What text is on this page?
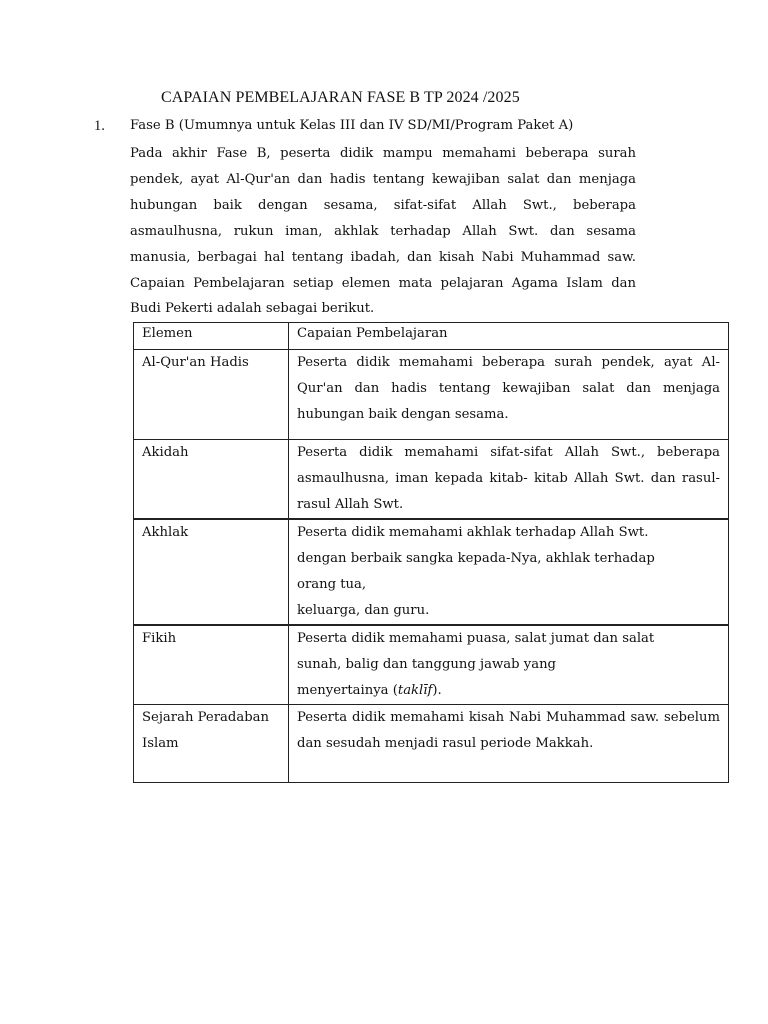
CAPAIAN PEMBELAJARAN FASE B TP 2024 /2025
1. Fase B (Umumnya untuk Kelas III dan IV SD/MI/Program Paket A)
Pada akhir Fase B, peserta didik mampu memahami beberapa surah pendek, ayat Al-Qur'an dan hadis tentang kewajiban salat dan menjaga hubungan baik dengan sesama, sifat-sifat Allah Swt., beberapa asmaulhusna, rukun iman, akhlak terhadap Allah Swt. dan sesama manusia, berbagai hal tentang ibadah, dan kisah Nabi Muhammad saw. Capaian Pembelajaran setiap elemen mata pelajaran Agama Islam dan Budi Pekerti adalah sebagai berikut.
Elemen	Capaian Pembelajaran
Al-Qur'an Hadis	Peserta didik memahami beberapa surah pendek, ayat Al-Qur'an dan hadis tentang kewajiban salat dan menjaga hubungan baik dengan sesama.
Akidah	Peserta didik memahami sifat-sifat Allah Swt., beberapa asmaulhusna, iman kepada kitab- kitab Allah Swt. dan rasul-rasul Allah Swt.
Akhlak	Peserta didik memahami akhlak terhadap Allah Swt.
dengan berbaik sangka kepada-Nya, akhlak terhadap
orang tua,
keluarga, dan guru.

Fikih	Peserta didik memahami puasa, salat jumat dan salat
sunah, balig dan tanggung jawab yang
menyertainya (taklīf).

Sejarah Peradaban Islam	Peserta didik memahami kisah Nabi Muhammad saw. sebelum dan sesudah menjadi rasul periode Makkah.
